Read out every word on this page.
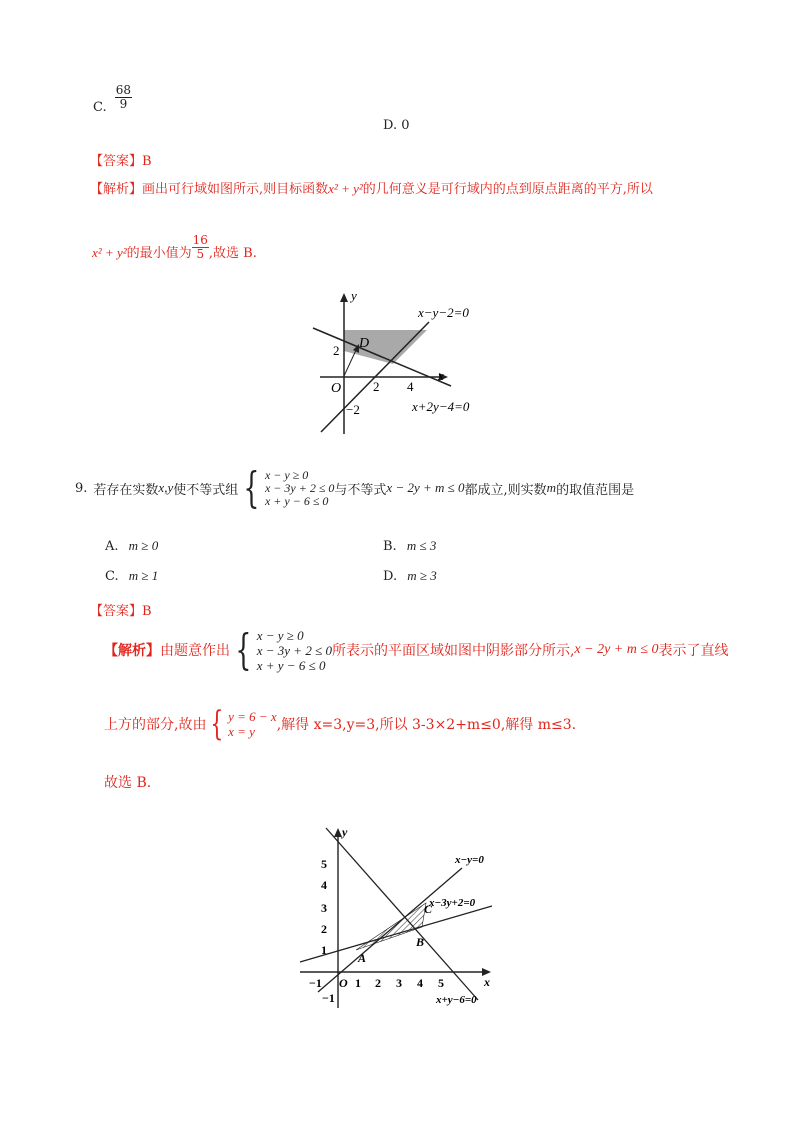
C. $\frac{68}{9}$
D. 0
【答案】B
【解析】画出可行域如图所示,则目标函数x² + y²的几何意义是可行域内的点到原点距离的平方,所以
x² + y²的最小值为 $\frac{16}{5}$ ,故选 B.
y
x
x−y−2=0
x+2y−4=0
D
O
2
2 4
−2
9. 若存在实数 x,y 使不等式组 { x − y ≥ 0
x − 3y + 2 ≤ 0
x + y − 6 ≤ 0
与不等式 x − 2y + m ≤ 0 都成立,则实数 m 的取值范围是
A. m ≥ 0	B. m ≤ 3
C. m ≥ 1	D. m ≥ 3
【答案】B
【解析】 由题意作出 { x − y ≥ 0
x − 3y + 2 ≤ 0
x + y − 6 ≤ 0
所表示的平面区域如图中阴影部分所示, x − 2y + m ≤ 0 表示了直线
上方的部分,故由 { y = 6 − x
x = y	,解得 x=3,y=3,所以 3-3×2+m≤0,解得 m≤3.
故选 B.
y
x
x−y=0
x−3y+2=0
x+y−6=0
A
B
C
O
−1	1 2 3 4 5
5
4
3
2
1
−1
